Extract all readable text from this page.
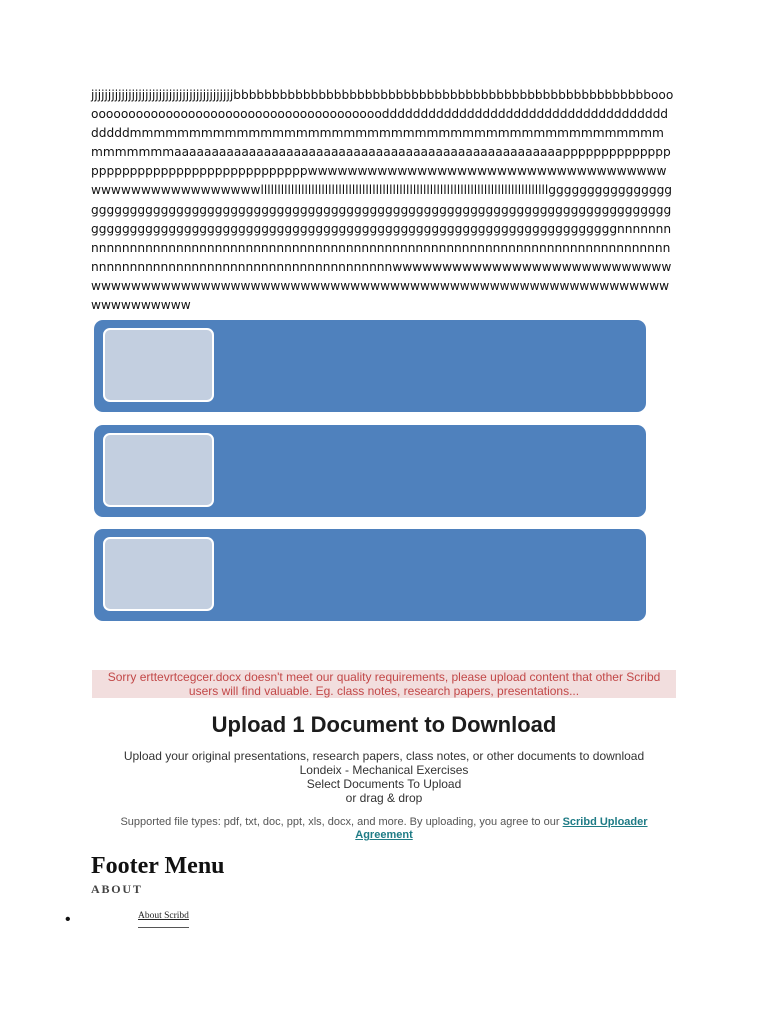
jjjjjjjjjjjjjjjjjjjjjjjjjjjjjjjjjjjjjjjjjjbbbbbbbbbbbbbbbbbbbbbbbbbbbbbbbbbbbbbbbbbbbbbbbbbbbbbbooooooooooooooooooooooooooooooooooooooooooddddddddddddddddddddddddddddddddddddddddddmmmmmmmmmmmmmmmmmmmmmmmmmmmmmmmmmmmmmmmmmmmmmmmmmmmmaaaaaaaaaaaaaaaaaaaaaaaaaaaaaaaaaaaaaaaaaaaaaaaaaaaappppppppppppppppppppppppppppppppppppppppppwwwwwwwwwwwwwwwwwwwwwwwwwwwwwwwwwwwwwwwwwwwwwwwwwwwwwlllllllllllllllllllllllllllllllllllllllllllllllllllllllllllllllllllllllllllllllllllllgggggggggggggggggggggggggggggggggggggggggggggggggggggggggggggggggggggggggggggggggggggggggggggggggggggggggggggggggggggggggggggggggggggggggggggggggggggggggggggggnnnnnnnnnnnnnnnnnnnnnnnnnnnnnnnnnnnnnnnnnnnnnnnnnnnnnnnnnnnnnnnnnnnnnnnnnnnnnnnnnnnnnnnnnnnnnnnnnnnnnnnnnnnnnnnnnnnnnnnnnwwwwwwwwwwwwwwwwwwwwwwwwwwwwwwwwwwwwwwwwwwwwwwwwwwwwwwwwwwwwwwwwwwwwwwwwwwwwwwwwwwwwwwwwwwwwwwww
Sorry erttevrtcegcer.docx doesn't meet our quality requirements, please upload content that other Scribd users will find valuable. Eg. class notes, research papers, presentations...
Upload 1 Document to Download
Upload your original presentations, research papers, class notes, or other documents to download
Londeix - Mechanical Exercises
Select Documents To Upload
or drag & drop
Supported file types: pdf, txt, doc, ppt, xls, docx, and more. By uploading, you agree to our Scribd Uploader Agreement
Footer Menu
ABOUT
•	About Scribd
